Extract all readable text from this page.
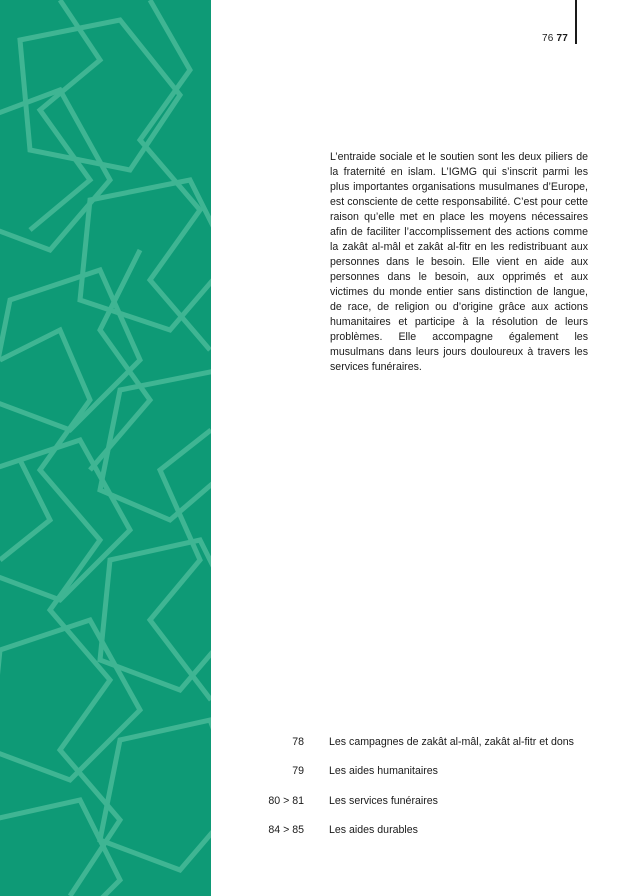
76 77
L’entraide sociale et le soutien sont les deux piliers de la fraternité en islam. L’IGMG qui s’inscrit parmi les plus importantes organisations musulmanes d’Europe, est consciente de cette responsabilité. C’est pour cette raison qu’elle met en place les moyens nécessaires afin de faciliter l’accomplissement des actions comme la zakât al-mâl et zakât al-fitr en les redistribuant aux personnes dans le besoin. Elle vient en aide aux personnes dans le besoin, aux opprimés et aux victimes du monde entier sans distinction de langue, de race, de religion ou d’origine grâce aux actions humanitaires et participe à la résolution de leurs problèmes. Elle accompagne également les musulmans dans leurs jours douloureux à travers les services funéraires.
78 Les campagnes de zakât al-mâl, zakât al-fitr et dons
79 Les aides humanitaires
80 > 81 Les services funéraires
84 > 85 Les aides durables
